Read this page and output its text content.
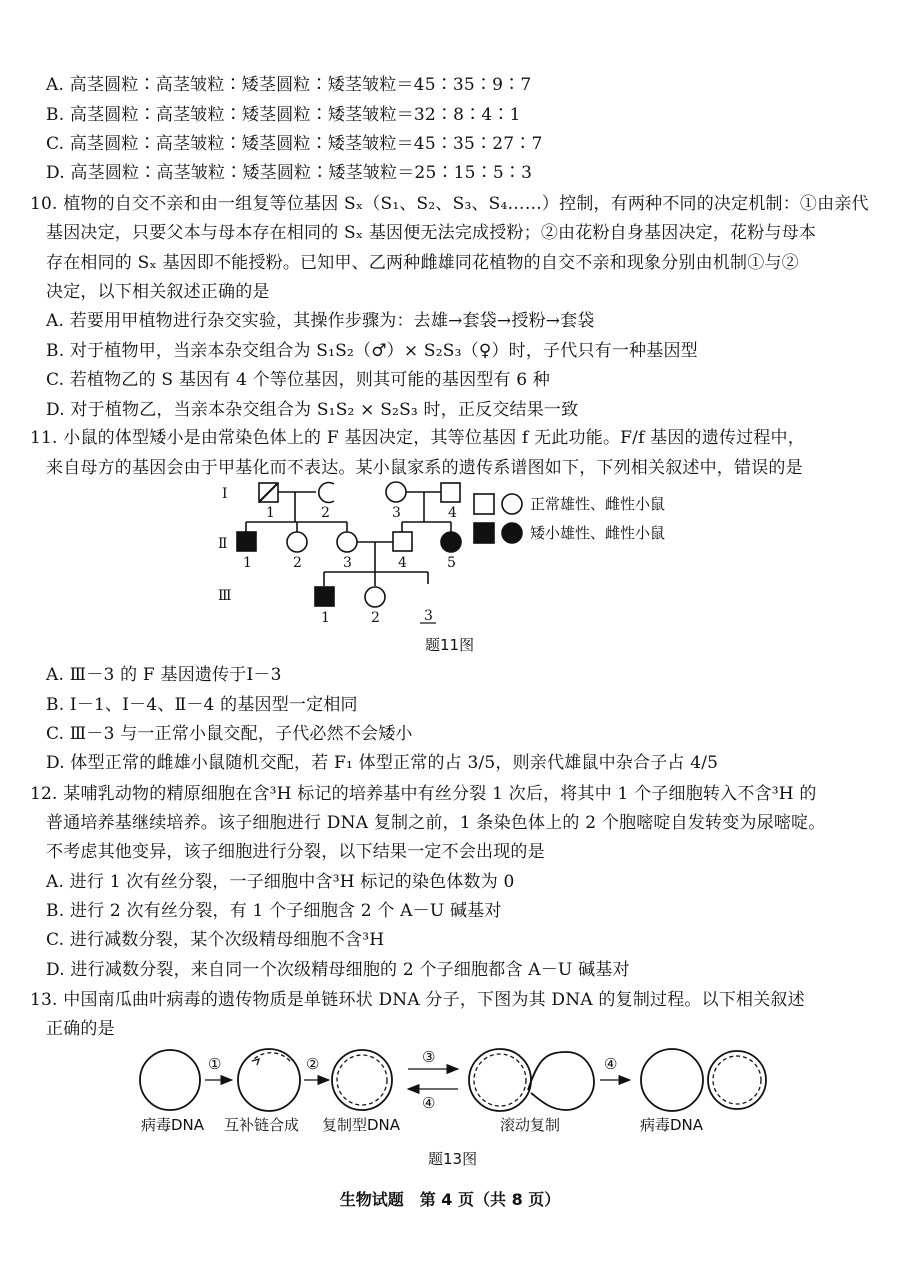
A. 高茎圆粒∶高茎皱粒∶矮茎圆粒∶矮茎皱粒＝45∶35∶9∶7
B. 高茎圆粒∶高茎皱粒∶矮茎圆粒∶矮茎皱粒＝32∶8∶4∶1
C. 高茎圆粒∶高茎皱粒∶矮茎圆粒∶矮茎皱粒＝45∶35∶27∶7
D. 高茎圆粒∶高茎皱粒∶矮茎圆粒∶矮茎皱粒＝25∶15∶5∶3
10. 植物的自交不亲和由一组复等位基因 Sₓ（S₁、S₂、S₃、S₄……）控制，有两种不同的决定机制：①由亲代
基因决定，只要父本与母本存在相同的 Sₓ 基因便无法完成授粉；②由花粉自身基因决定，花粉与母本
存在相同的 Sₓ 基因即不能授粉。已知甲、乙两种雌雄同花植物的自交不亲和现象分别由机制①与②
决定，以下相关叙述正确的是
A. 若要用甲植物进行杂交实验，其操作步骤为：去雄→套袋→授粉→套袋
B. 对于植物甲，当亲本杂交组合为 S₁S₂（♂）× S₂S₃（♀）时，子代只有一种基因型
C. 若植物乙的 S 基因有 4 个等位基因，则其可能的基因型有 6 种
D. 对于植物乙，当亲本杂交组合为 S₁S₂ × S₂S₃ 时，正反交结果一致
11. 小鼠的体型矮小是由常染色体上的 F 基因决定，其等位基因 f 无此功能。F/f 基因的遗传过程中，
来自母方的基因会由于甲基化而不表达。某小鼠家系的遗传系谱图如下，下列相关叙述中，错误的是
Ⅰ
Ⅱ
Ⅲ
1	2	3	4
1	2	3	4	5
1	2	3
正常雄性、雌性小鼠
矮小雄性、雌性小鼠
题11图
A. Ⅲ－3 的 F 基因遗传于Ⅰ－3
B. Ⅰ－1、Ⅰ－4、Ⅱ－4 的基因型一定相同
C. Ⅲ－3 与一正常小鼠交配，子代必然不会矮小
D. 体型正常的雌雄小鼠随机交配，若 F₁ 体型正常的占 3/5，则亲代雄鼠中杂合子占 4/5
12. 某哺乳动物的精原细胞在含³H 标记的培养基中有丝分裂 1 次后，将其中 1 个子细胞转入不含³H 的
普通培养基继续培养。该子细胞进行 DNA 复制之前，1 条染色体上的 2 个胞嘧啶自发转变为尿嘧啶。
不考虑其他变异，该子细胞进行分裂，以下结果一定不会出现的是
A. 进行 1 次有丝分裂，一子细胞中含³H 标记的染色体数为 0
B. 进行 2 次有丝分裂，有 1 个子细胞含 2 个 A－U 碱基对
C. 进行减数分裂，某个次级精母细胞不含³H
D. 进行减数分裂，来自同一个次级精母细胞的 2 个子细胞都含 A－U 碱基对
13. 中国南瓜曲叶病毒的遗传物质是单链环状 DNA 分子，下图为其 DNA 的复制过程。以下相关叙述
正确的是
①	②	③
④
④
病毒DNA 互补链合成 复制型DNA	滚动复制	病毒DNA
题13图
生物试题　第 4 页（共 8 页）
